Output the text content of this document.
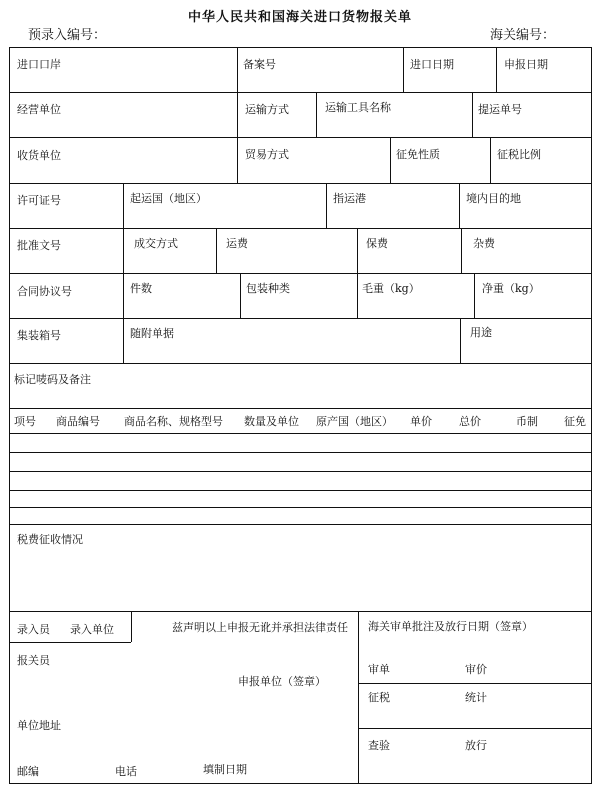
中华人民共和国海关进口货物报关单
预录入编号：	海关编号：
进口口岸	备案号	进口日期	申报日期
经营单位	运输方式	运输工具名称	提运单号
收货单位	贸易方式	征免性质	征税比例
许可证号	起运国（地区）	指运港	境内目的地
批准文号	成交方式	运费	保费	杂费
合同协议号	件数	包装种类	毛重（kg）	净重（kg）
集装箱号	随附单据	用途
标记唛码及备注
项号 商品编号 商品名称、规格型号 数量及单位 原产国（地区） 单价 总价	币制 征免
税费征收情况
录入员 录入单位	兹声明以上申报无讹并承担法律责任 海关审单批注及放行日期（签章）
报关员
申报单位（签章）
审单	审价
征税	统计
单位地址
查验	放行
邮编	电话	填制日期
